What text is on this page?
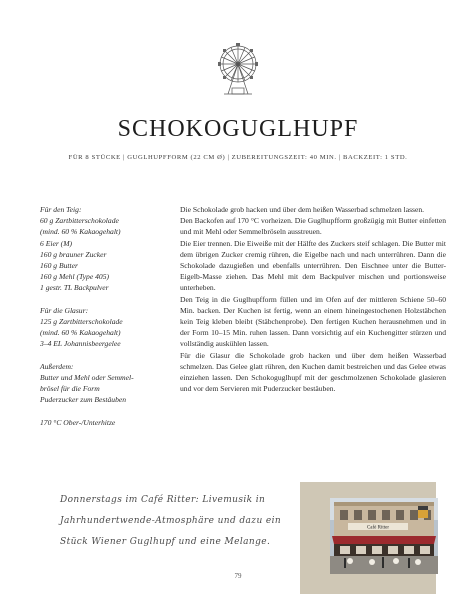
SCHOKOGUGLHUPF
FÜR 8 STÜCKE | GUGLHUPFFORM (22 CM Ø) | ZUBEREITUNGSZEIT: 40 MIN. | BACKZEIT: 1 STD.
Für den Teig:
60 g Zartbitterschokolade
(mind. 60 % Kakaogehalt)
6 Eier (M)
160 g brauner Zucker
160 g Butter
160 g Mehl (Type 405)
1 gestr. TL Backpulver
Für die Glasur:
125 g Zartbitterschokolade
(mind. 60 % Kakaogehalt)
3–4 EL Johannisbeergelee
Außerdem:
Butter und Mehl oder Semmel-
brösel für die Form
Puderzucker zum Bestäuben
170 °C Ober-/Unterhitze

Die Schokolade grob hacken und über dem heißen Wasserbad schmelzen lassen.

Den Backofen auf 170 °C vorheizen. Die Guglhupfform großzügig mit Butter einfetten und mit Mehl oder Semmelbröseln ausstreuen.

Die Eier trennen. Die Eiweiße mit der Hälfte des Zuckers steif schlagen. Die Butter mit dem übrigen Zucker cremig rühren, die Eigelbe nach und nach unterrühren. Dann die Schokolade dazugießen und ebenfalls unterrühren. Den Eischnee unter die Butter-Eigelb-Masse ziehen. Das Mehl mit dem Backpulver mischen und portionsweise unterheben.

Den Teig in die Guglhupfform füllen und im Ofen auf der mittleren Schiene 50–60 Min. backen. Der Kuchen ist fertig, wenn an einem hineingestochenen Holzstäbchen kein Teig kleben bleibt (Stäbchenprobe). Den fertigen Kuchen herausnehmen und in der Form 10–15 Min. ruhen lassen. Dann vorsichtig auf ein Kuchengitter stürzen und vollständig auskühlen lassen.

Für die Glasur die Schokolade grob hacken und über dem heißen Wasserbad schmelzen. Das Gelee glatt rühren, den Kuchen damit bestreichen und das Gelee etwas einziehen lassen. Den Schokoguglhupf mit der geschmolzenen Schokolade glasieren und vor dem Servieren mit Puderzucker bestäuben.

Donnerstags im Café Ritter: Livemusik in
Jahrhundertwende-Atmosphäre und dazu ein
Stück Wiener Guglhupf und eine Melange.
Café Ritter
79
